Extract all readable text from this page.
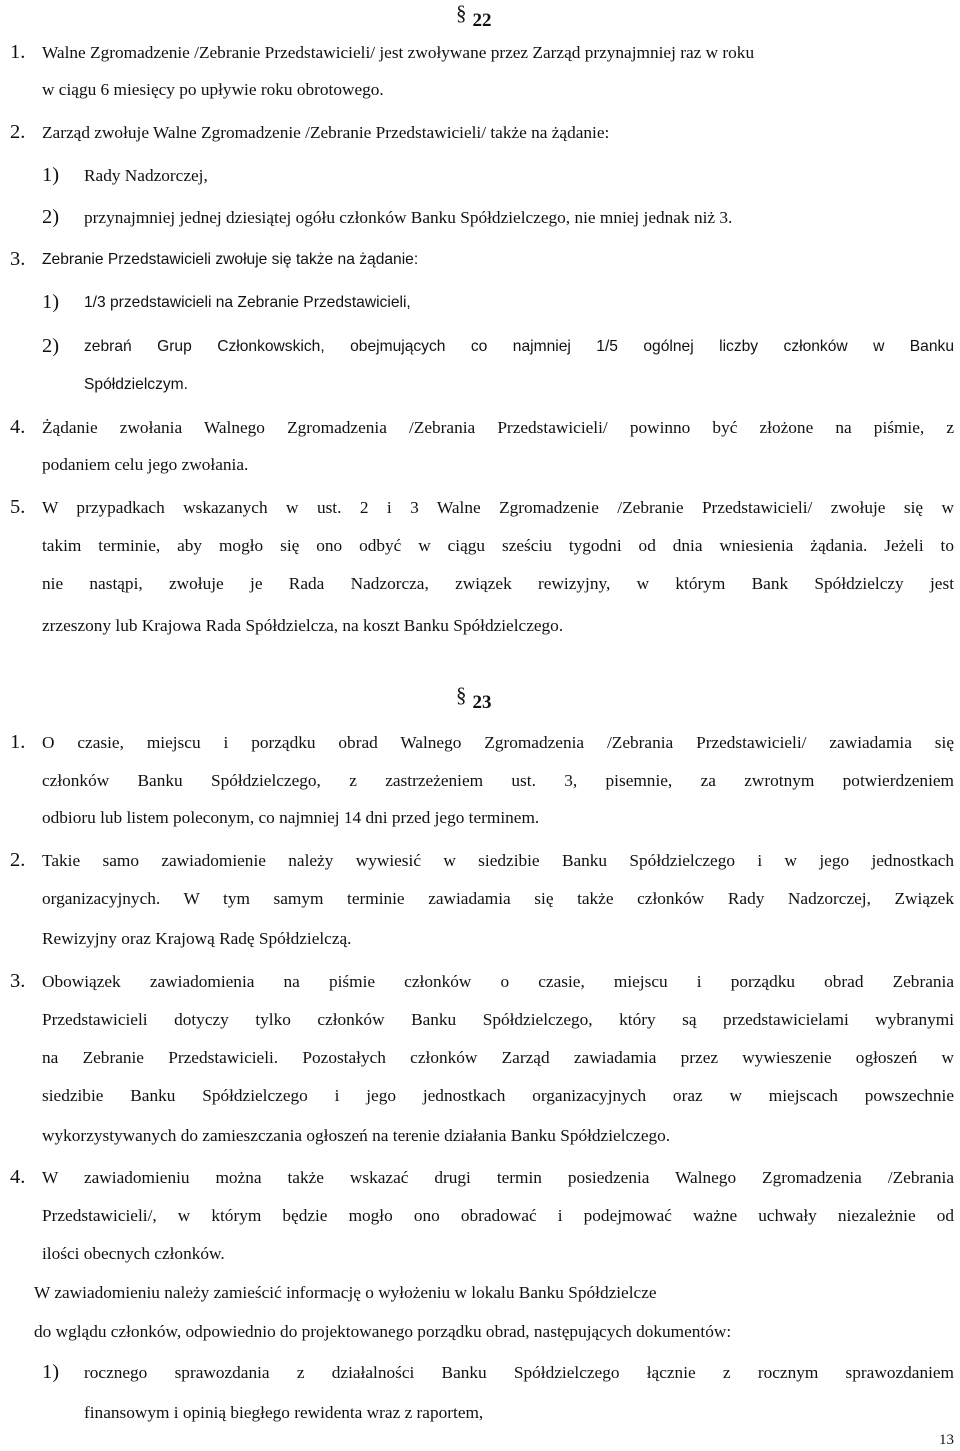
§ 22
1. Walne Zgromadzenie /Zebranie Przedstawicieli/ jest zwoływane przez Zarząd przynajmniej raz w roku
w ciągu 6 miesięcy po upływie roku obrotowego.
2. Zarząd zwołuje Walne Zgromadzenie /Zebranie Przedstawicieli/ także na żądanie:
1) Rady Nadzorczej,
2) przynajmniej jednej dziesiątej ogółu członków Banku Spółdzielczego, nie mniej jednak niż 3.
3. Zebranie Przedstawicieli zwołuje się także na żądanie:
1) 1/3 przedstawicieli na Zebranie Przedstawicieli,
2) zebrań Grup Członkowskich, obejmujących co najmniej 1/5 ogólnej liczby członków w Banku
Spółdzielczym.
4. Żądanie zwołania Walnego Zgromadzenia /Zebrania Przedstawicieli/ powinno być złożone na piśmie, z
podaniem celu jego zwołania.
5. W przypadkach wskazanych w ust. 2 i 3 Walne Zgromadzenie /Zebranie Przedstawicieli/ zwołuje się w
takim terminie, aby mogło się ono odbyć w ciągu sześciu tygodni od dnia wniesienia żądania. Jeżeli to
nie nastąpi, zwołuje je Rada Nadzorcza, związek rewizyjny, w którym Bank Spółdzielczy jest
zrzeszony lub Krajowa Rada Spółdzielcza, na koszt Banku Spółdzielczego.
§ 23
1. O czasie, miejscu i porządku obrad Walnego Zgromadzenia /Zebrania Przedstawicieli/ zawiadamia się
członków Banku Spółdzielczego, z zastrzeżeniem ust. 3, pisemnie, za zwrotnym potwierdzeniem
odbioru lub listem poleconym, co najmniej 14 dni przed jego terminem.
2. Takie samo zawiadomienie należy wywiesić w siedzibie Banku Spółdzielczego i w jego jednostkach
organizacyjnych. W tym samym terminie zawiadamia się także członków Rady Nadzorczej, Związek
Rewizyjny oraz Krajową Radę Spółdzielczą.
3. Obowiązek zawiadomienia na piśmie członków o czasie, miejscu i porządku obrad Zebrania
Przedstawicieli dotyczy tylko członków Banku Spółdzielczego, który są przedstawicielami wybranymi
na Zebranie Przedstawicieli. Pozostałych członków Zarząd zawiadamia przez wywieszenie ogłoszeń w
siedzibie Banku Spółdzielczego i jego jednostkach organizacyjnych oraz w miejscach powszechnie
wykorzystywanych do zamieszczania ogłoszeń na terenie działania Banku Spółdzielczego.
4. W zawiadomieniu można także wskazać drugi termin posiedzenia Walnego Zgromadzenia /Zebrania
Przedstawicieli/, w którym będzie mogło ono obradować i podejmować ważne uchwały niezależnie od
ilości obecnych członków.
W zawiadomieniu należy zamieścić informację o wyłożeniu w lokalu Banku Spółdzielcze
do wglądu członków, odpowiednio do projektowanego porządku obrad, następujących dokumentów:
1) rocznego sprawozdania z działalności Banku Spółdzielczego łącznie z rocznym sprawozdaniem
finansowym i opinią biegłego rewidenta wraz z raportem,
13
